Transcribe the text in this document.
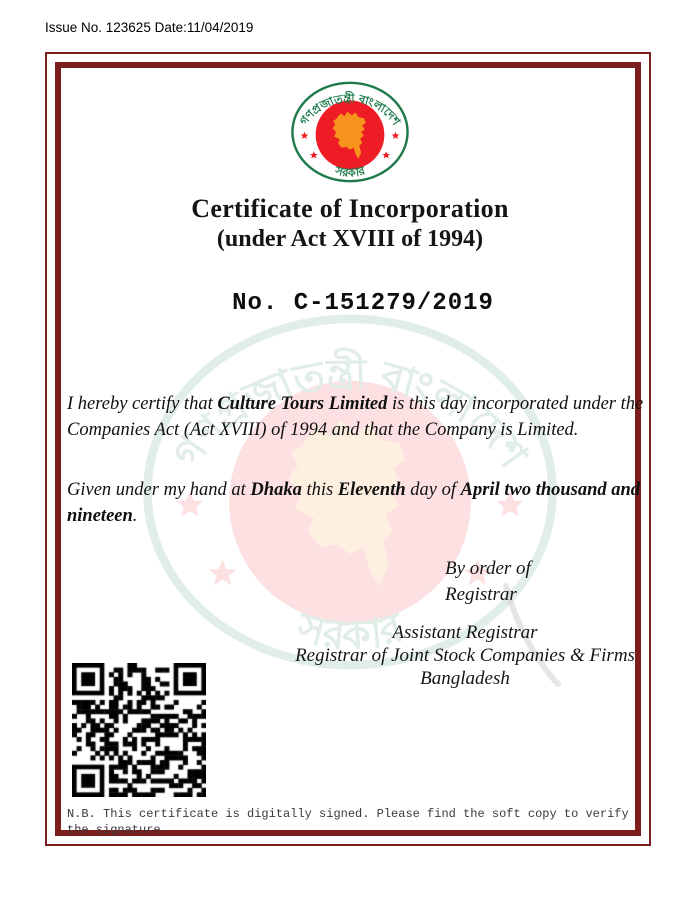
Issue No. 123625 Date:11/04/2019
Certificate of Incorporation
(under Act XVIII of 1994)
No. C-151279/2019

I hereby certify that Culture Tours Limited is this day incorporated under the Companies Act (Act XVIII) of 1994 and that the Company is Limited.

Given under my hand at Dhaka this Eleventh day of April two thousand and nineteen.

By order of
Registrar
Assistant Registrar
Registrar of Joint Stock Companies & Firms
Bangladesh
N.B. This certificate is digitally signed. Please find the soft copy to verify the signature.
